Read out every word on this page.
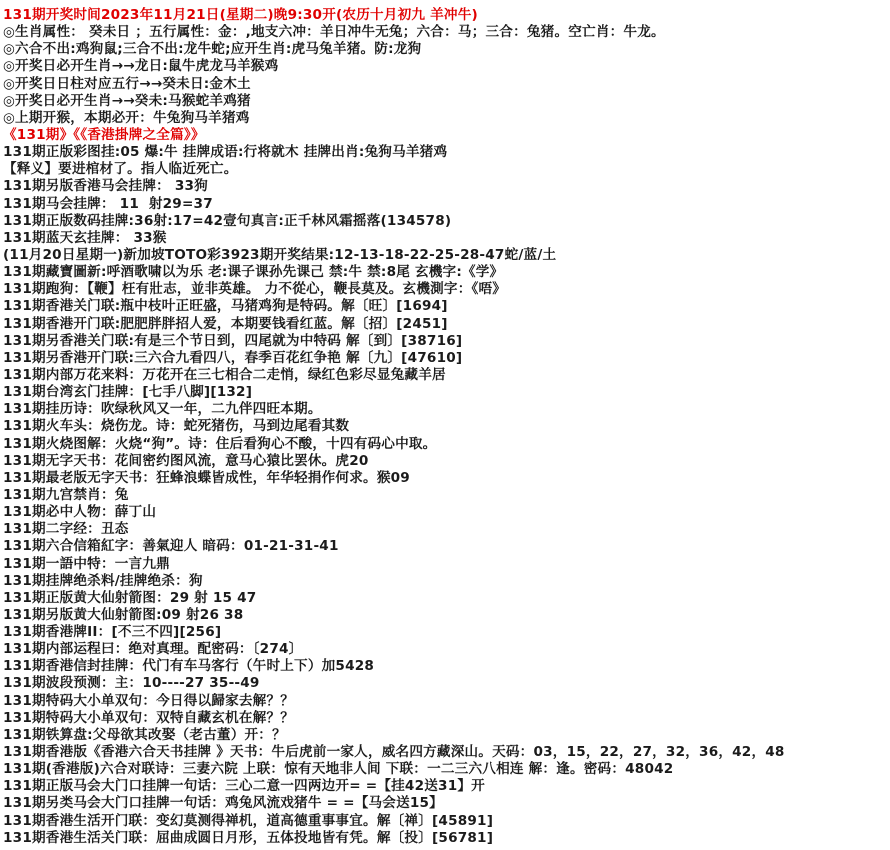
131期开奖时间2023年11月21日(星期二)晚9:30开(农历十月初九 羊冲牛)
◎生肖属性： 癸未日 ；五行属性：金：,地支六冲：羊日冲牛无兔；六合：马；三合：兔猪。空亡肖：牛龙。
◎六合不出:鸡狗鼠;三合不出:龙牛蛇;应开生肖:虎马兔羊猪。防:龙狗
◎开奖日必开生肖→→龙日:鼠牛虎龙马羊猴鸡
◎开奖日日柱对应五行→→癸未日:金木土
◎开奖日必开生肖→→癸未:马猴蛇羊鸡猪
◎上期开猴，本期必开：牛兔狗马羊猪鸡
《131期》《《香港掛牌之全篇》》
131期正版彩图挂:05 爆:牛 挂牌成语:行将就木 挂牌出肖:兔狗马羊猪鸡
【释义】要进棺材了。指人临近死亡。
131期另版香港马会挂牌： 33狗
131期马会挂牌： 11  射29=37
131期正版数码挂牌:36射:17=42壹句真言:正千林风霜摇落(134578)
131期蓝天玄挂牌： 33猴
(11月20日星期一)新加坡TOTO彩3923期开奖结果:12-13-18-22-25-28-47蛇/蓝/土
131期藏寶圖新:呼酒歌啸以为乐 老:课子课孙先课己 禁:牛 禁:8尾 玄機字:《学》
131期跑狗：【鞭】枉有壯志，並非英雄。 力不從心，鞭長莫及。玄機測字：《唔》
131期香港关门联:瓶中枝叶正旺盛，马猪鸡狗是特码。解〔旺〕[1694]
131期香港开门联:肥肥胖胖招人爱，本期要钱看红蓝。解〔招〕[2451]
131期另香港关门联:有是三个节日到，四尾就为中特码 解〔到〕[38716]
131期另香港开门联:三六合九看四八，春季百花红争艳 解〔九〕[47610]
131期内部万花来料：万花开在三七相合二走悄，绿红色彩尽显兔藏羊居
131期台湾玄门挂牌：[七手八脚][132]
131期挂历诗：吹绿秋风又一年，二九伴四旺本期。
131期火车头：烧伤龙。诗：蛇死猪伤，马到边尾看其数
131期火烧图解：火烧“狗”。诗：住后看狗心不酸，十四有码心中取。
131期无字天书：花间密约图风流，意马心猿比罢休。虎20
131期最老版无字天书：狂蜂浪蝶皆成性，年华轻捐作何求。猴09
131期九宫禁肖：兔
131期必中人物：薛丁山
131期二字经：丑态
131期六合信箱紅字：善氣迎人 暗码：01-21-31-41
131期一語中特：一言九鼎
131期挂牌绝杀料/挂牌绝杀：狗
131期正版黄大仙射箭图：29 射 15 47
131期另版黄大仙射箭图:09 射26 38
131期香港牌II：[不三不四][256]
131期内部运程曰：绝对真理。配密码：〔274〕
131期香港信封挂牌：代门有车马客行（午时上下）加5428
131期波段预测：主：10----27 35--49
131期特码大小单双句：今日得以歸家去解？？
131期特码大小单双句：双特自藏玄机在解？？
131期铁算盘:父母欲其改娶（老古董）开：？
131期香港版《香港六合天书挂牌 》天书：牛后虎前一家人，威名四方藏深山。天码：03，15，22，27，32，36，42，48
131期(香港版)六合对联诗：三妻六院 上联：惊有天地非人间 下联：一二三六八相连 解：逢。密码：48042
131期正版马会大门口挂牌一句话：三心二意一四两边开= =【挂42送31】开
131期另类马会大门口挂牌一句话：鸡兔风流戏猪牛 = =【马会送15】
131期香港生活开门联：变幻莫测得禅机，道高德重事事宜。解〔禅〕[45891]
131期香港生活关门联：屈曲成圆日月形，五体投地皆有凭。解〔投〕[56781]
